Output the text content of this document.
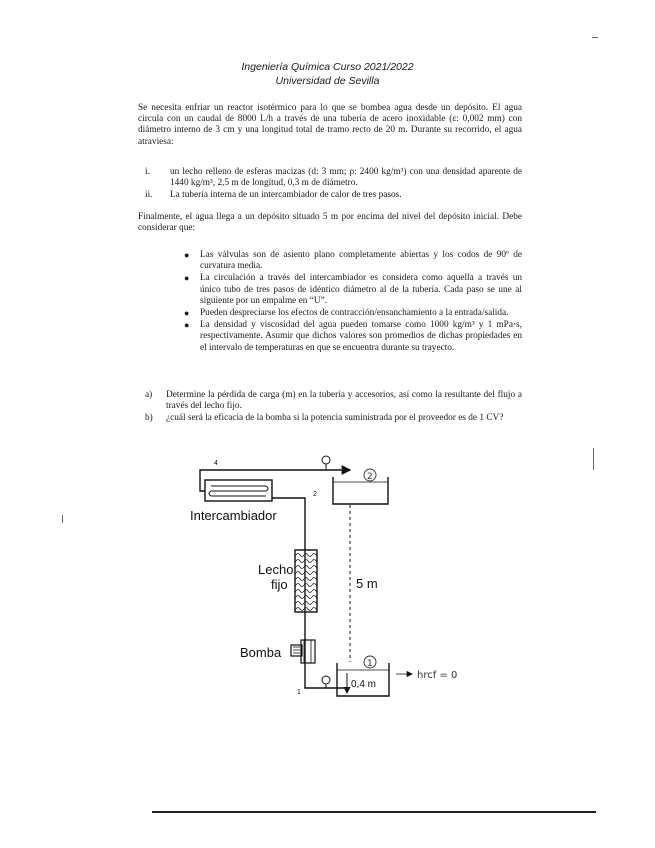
Ingeniería Química Curso 2021/2022
Universidad de Sevilla
Se necesita enfriar un reactor isotérmico para lo que se bombea agua desde un depósito. El agua circula con un caudal de 8000 L/h a través de una tubería de acero inoxidable (ε: 0,002 mm) con diámetro interno de 3 cm y una longitud total de tramo recto de 20 m. Durante su recorrido, el agua atraviesa:
i.	un lecho relleno de esferas macizas (d: 3 mm; ρ: 2400 kg/m³) con una densidad aparente de 1440 kg/m³, 2,5 m de longitud, 0,3 m de diámetro.
ii.	La tubería interna de un intercambiador de calor de tres pasos.
Finalmente, el agua llega a un depósito situado 5 m por encima del nivel del depósito inicial. Debe considerar que:
●	Las válvulas son de asiento plano completamente abiertas y los codos de 90º de curvatura media.
●	La circulación a través del intercambiador es considera como aquella a través un único tubo de tres pasos de idéntico diámetro al de la tubería. Cada paso se une al siguiente por un empalme en “U”.
●	Pueden despreciarse los efectos de contracción/ensanchamiento a la entrada/salida.
●	La densidad y viscosidad del agua pueden tomarse como 1000 kg/m³ y 1 mPa·s, respectivamente. Asumir que dichos valores son promedios de dichas propiedades en el intervalo de temperaturas en que se encuentra durante su trayecto.
a)	Determine la pérdida de carga (m) en la tubería y accesorios, así como la resultante del flujo a través del lecho fijo.
b)	¿cuál será la eficacia de la bomba si la potencia suministrada por el proveedor es de 1 CV?
5 m
Lecho
fijo
Bomba
0,4 m
4
2
1
2
1
hrcf = 0
Intercambiador
